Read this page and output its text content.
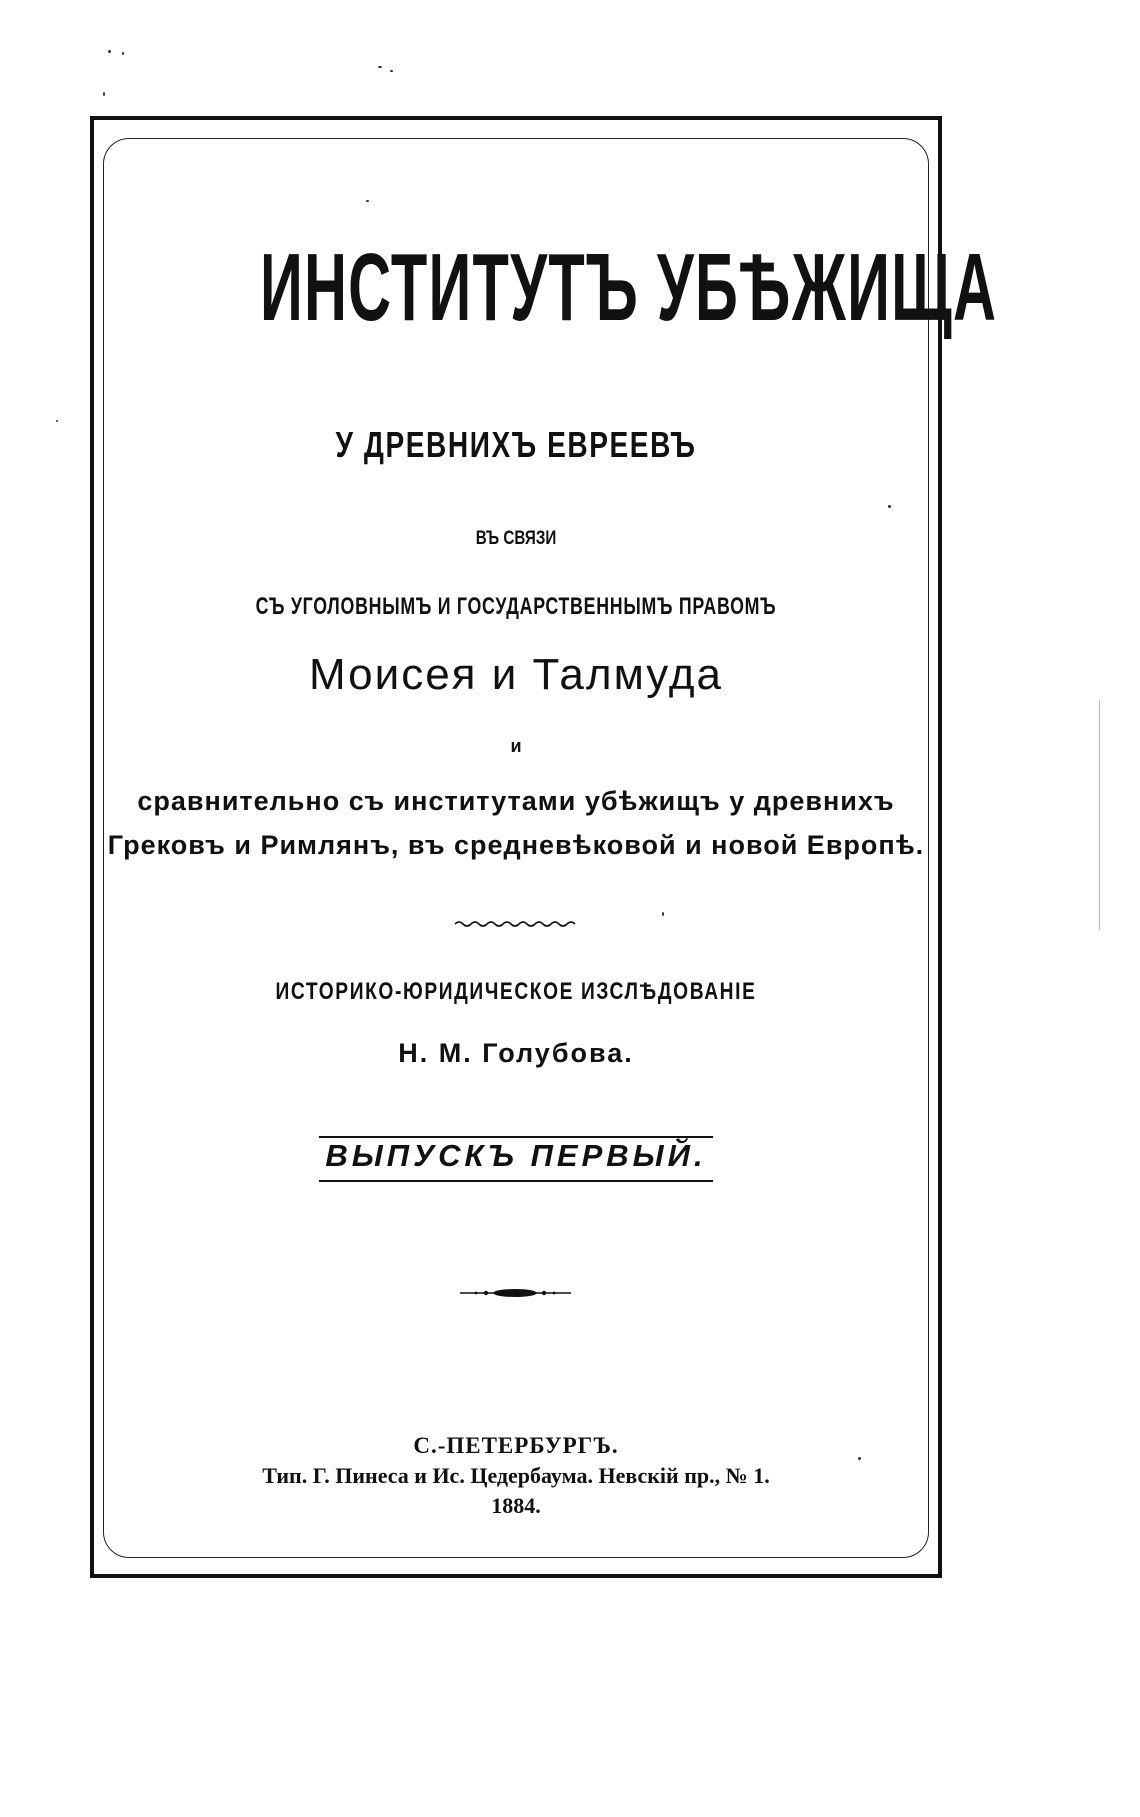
ИНСТИТУТЪ УБѢЖИЩА
У ДРЕВНИХЪ ЕВРЕЕВЪ
ВЪ СВЯЗИ
СЪ УГОЛОВНЫМЪ И ГОСУДАРСТВЕННЫМЪ ПРАВОМЪ
Моисея и Талмуда
и
сравнительно съ институтами убѣжищъ у древнихъ
Грековъ и Римлянъ, въ средневѣковой и новой Европѣ.
ИСТОРИКО-ЮРИДИЧЕСКОЕ ИЗСЛѢДОВАНІЕ
Н. М. Голубова.
ВЫПУСКЪ ПЕРВЫЙ.
С.-ПЕТЕРБУРГЪ.
Тип. Г. Пинеса и Ис. Цедербаума. Невскій пр., № 1.
1884.
